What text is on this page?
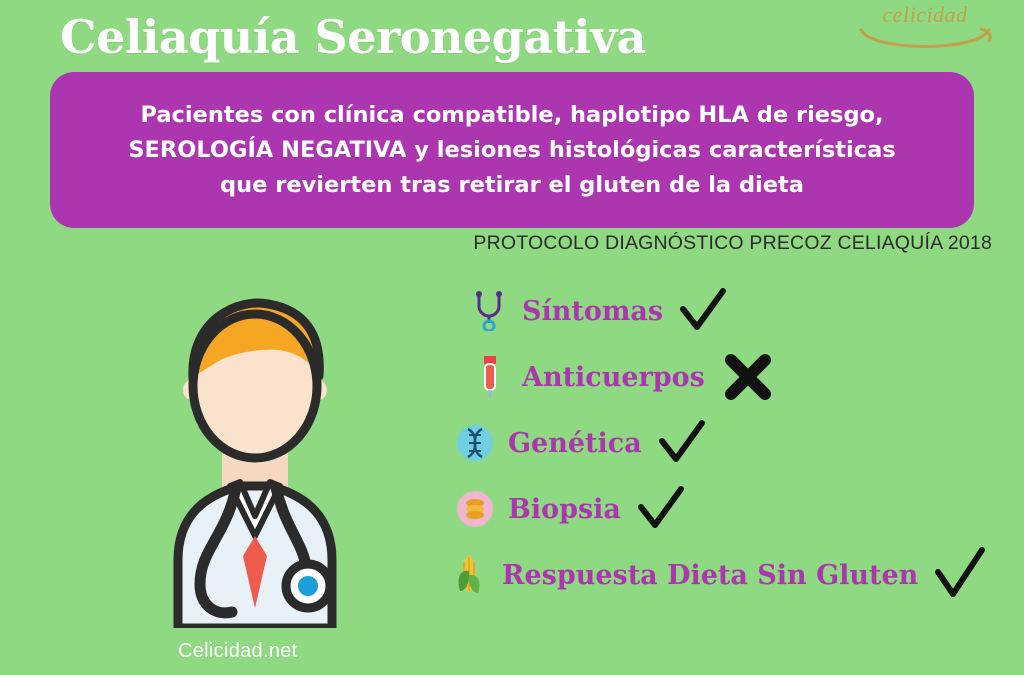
celicidad
Celiaquía Seronegativa
Pacientes con clínica compatible, haplotipo HLA de riesgo,
SEROLOGÍA NEGATIVA y lesiones histológicas características
que revierten tras retirar el gluten de la dieta
PROTOCOLO DIAGNÓSTICO PRECOZ CELIAQUÍA 2018
Síntomas
Anticuerpos
Genética
Biopsia
Respuesta Dieta Sin Gluten
Celicidad.net
